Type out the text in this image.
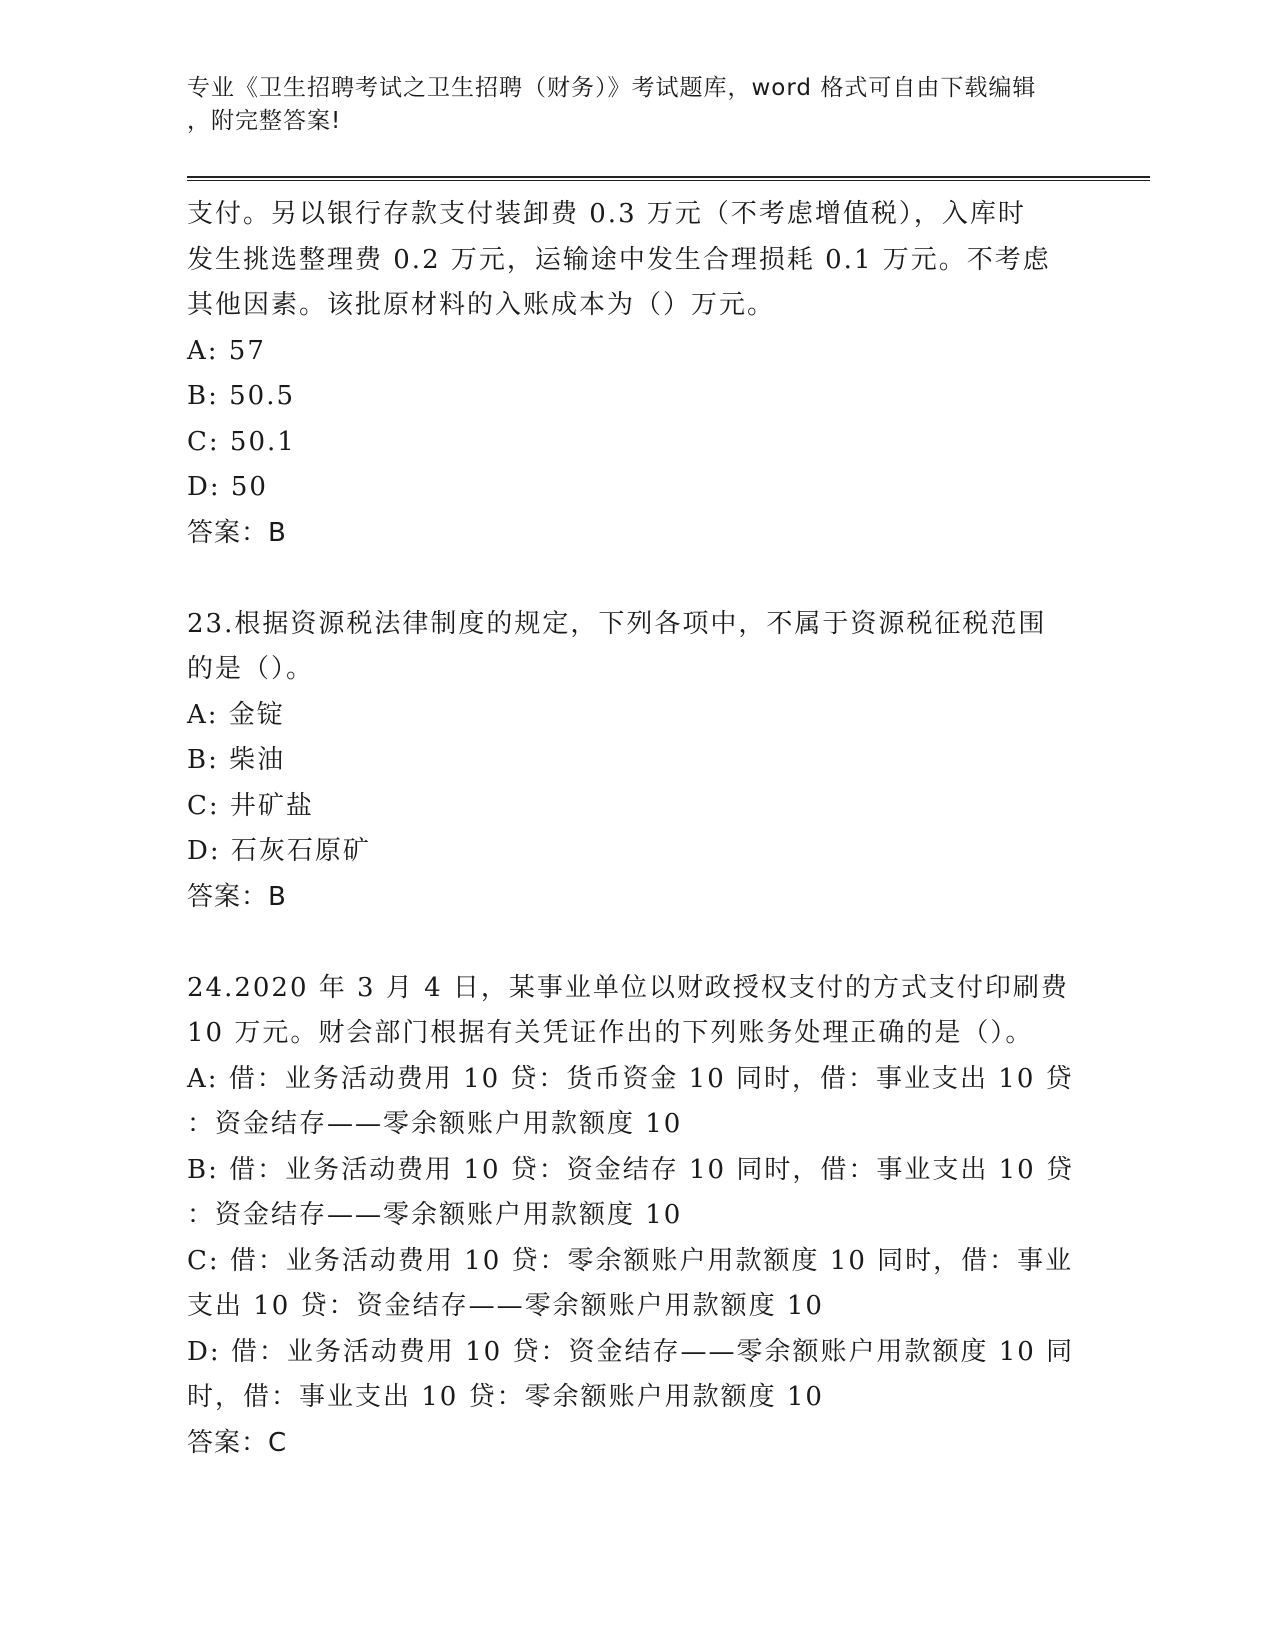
专业《卫生招聘考试之卫生招聘（财务）》考试题库，word 格式可自由下载编辑
，附完整答案!
支付。另以银行存款支付装卸费 0.3 万元（不考虑增值税），入库时
发生挑选整理费 0.2 万元，运输途中发生合理损耗 0.1 万元。不考虑
其他因素。该批原材料的入账成本为（）万元。
A: 57
B: 50.5
C: 50.1
D: 50
答案：B
23.根据资源税法律制度的规定，下列各项中，不属于资源税征税范围
的是（）。
A: 金锭
B: 柴油
C: 井矿盐
D: 石灰石原矿
答案：B
24.2020 年 3 月 4 日，某事业单位以财政授权支付的方式支付印刷费
10 万元。财会部门根据有关凭证作出的下列账务处理正确的是（）。
A: 借：业务活动费用 10 贷：货币资金 10 同时，借：事业支出 10 贷
：资金结存——零余额账户用款额度 10
B: 借：业务活动费用 10 贷：资金结存 10 同时，借：事业支出 10 贷
：资金结存——零余额账户用款额度 10
C: 借：业务活动费用 10 贷：零余额账户用款额度 10 同时，借：事业
支出 10 贷：资金结存——零余额账户用款额度 10
D: 借：业务活动费用 10 贷：资金结存——零余额账户用款额度 10 同
时，借：事业支出 10 贷：零余额账户用款额度 10
答案：C
